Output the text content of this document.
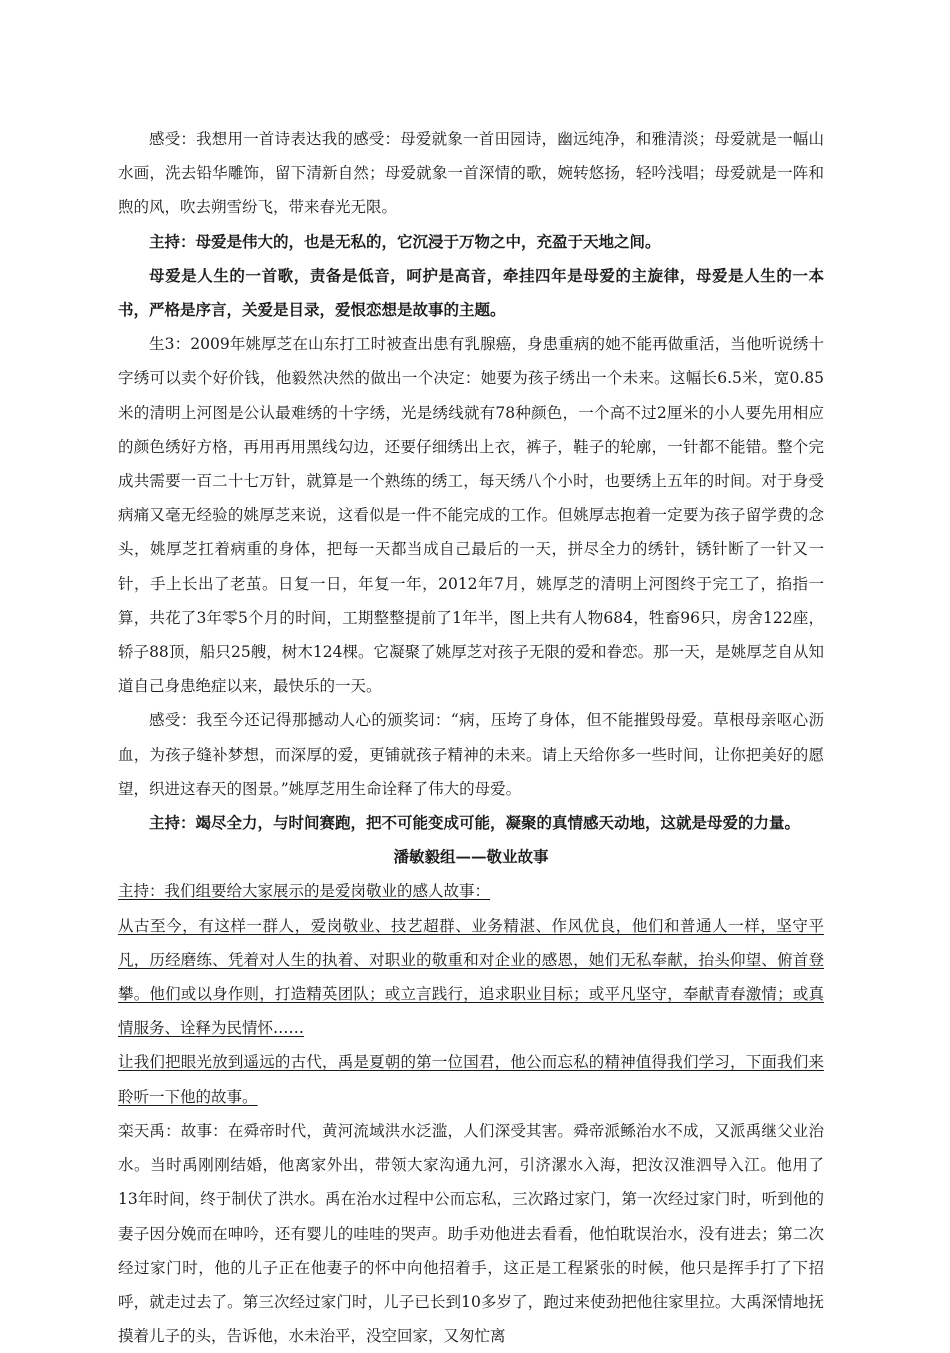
感受：我想用一首诗表达我的感受：母爱就象一首田园诗，幽远纯净，和雅清淡；母爱就是一幅山水画，洗去铅华雕饰，留下清新自然；母爱就象一首深情的歌，婉转悠扬，轻吟浅唱；母爱就是一阵和煦的风，吹去朔雪纷飞，带来春光无限。

主持：母爱是伟大的，也是无私的，它沉浸于万物之中，充盈于天地之间。

母爱是人生的一首歌，责备是低音，呵护是高音，牵挂四年是母爱的主旋律，母爱是人生的一本书，严格是序言，关爱是目录，爱恨恋想是故事的主题。

生3：2009年姚厚芝在山东打工时被查出患有乳腺癌，身患重病的她不能再做重活，当他听说绣十字绣可以卖个好价钱，他毅然决然的做出一个决定：她要为孩子绣出一个未来。这幅长6.5米，宽0.85米的清明上河图是公认最难绣的十字绣，光是绣线就有78种颜色，一个高不过2厘米的小人要先用相应的颜色绣好方格，再用再用黑线勾边，还要仔细绣出上衣，裤子，鞋子的轮廓，一针都不能错。整个完成共需要一百二十七万针，就算是一个熟练的绣工，每天绣八个小时，也要绣上五年的时间。对于身受病痛又毫无经验的姚厚芝来说，这看似是一件不能完成的工作。但姚厚志抱着一定要为孩子留学费的念头，姚厚芝扛着病重的身体，把每一天都当成自己最后的一天，拼尽全力的绣针，锈针断了一针又一针，手上长出了老茧。日复一日，年复一年，2012年7月，姚厚芝的清明上河图终于完工了，掐指一算，共花了3年零5个月的时间，工期整整提前了1年半，图上共有人物684，牲畜96只，房舍122座，轿子88顶，船只25艘，树木124棵。它凝聚了姚厚芝对孩子无限的爱和眷恋。那一天，是姚厚芝自从知道自己身患绝症以来，最快乐的一天。

感受：我至今还记得那撼动人心的颁奖词：“病，压垮了身体，但不能摧毁母爱。草根母亲呕心沥血，为孩子缝补梦想，而深厚的爱，更铺就孩子精神的未来。请上天给你多一些时间，让你把美好的愿望，织进这春天的图景。”姚厚芝用生命诠释了伟大的母爱。

主持：竭尽全力，与时间赛跑，把不可能变成可能，凝聚的真情感天动地，这就是母爱的力量。

潘敏毅组——敬业故事

主持：我们组要给大家展示的是爱岗敬业的感人故事：

从古至今，有这样一群人，爱岗敬业、技艺超群、业务精湛、作风优良，他们和普通人一样，坚守平凡，历经磨练、凭着对人生的执着、对职业的敬重和对企业的感恩，她们无私奉献，抬头仰望、俯首登攀。他们或以身作则，打造精英团队；或立言践行，追求职业目标；或平凡坚守，奉献青春激情；或真情服务、诠释为民情怀……

让我们把眼光放到遥远的古代，禹是夏朝的第一位国君，他公而忘私的精神值得我们学习，下面我们来聆听一下他的故事。

栾天禹：故事：在舜帝时代，黄河流域洪水泛滥，人们深受其害。舜帝派鲧治水不成，又派禹继父业治水。当时禹刚刚结婚，他离家外出，带领大家沟通九河，引济漯水入海，把汝汉淮泗导入江。他用了 13年时间，终于制伏了洪水。禹在治水过程中公而忘私，三次路过家门，第一次经过家门时，听到他的妻子因分娩而在呻吟，还有婴儿的哇哇的哭声。助手劝他进去看看，他怕耽误治水，没有进去；第二次经过家门时，他的儿子正在他妻子的怀中向他招着手，这正是工程紧张的时候，他只是挥手打了下招呼，就走过去了。第三次经过家门时，儿子已长到10多岁了，跑过来使劲把他往家里拉。大禹深情地抚摸着儿子的头，告诉他，水未治平，没空回家，又匆忙离
